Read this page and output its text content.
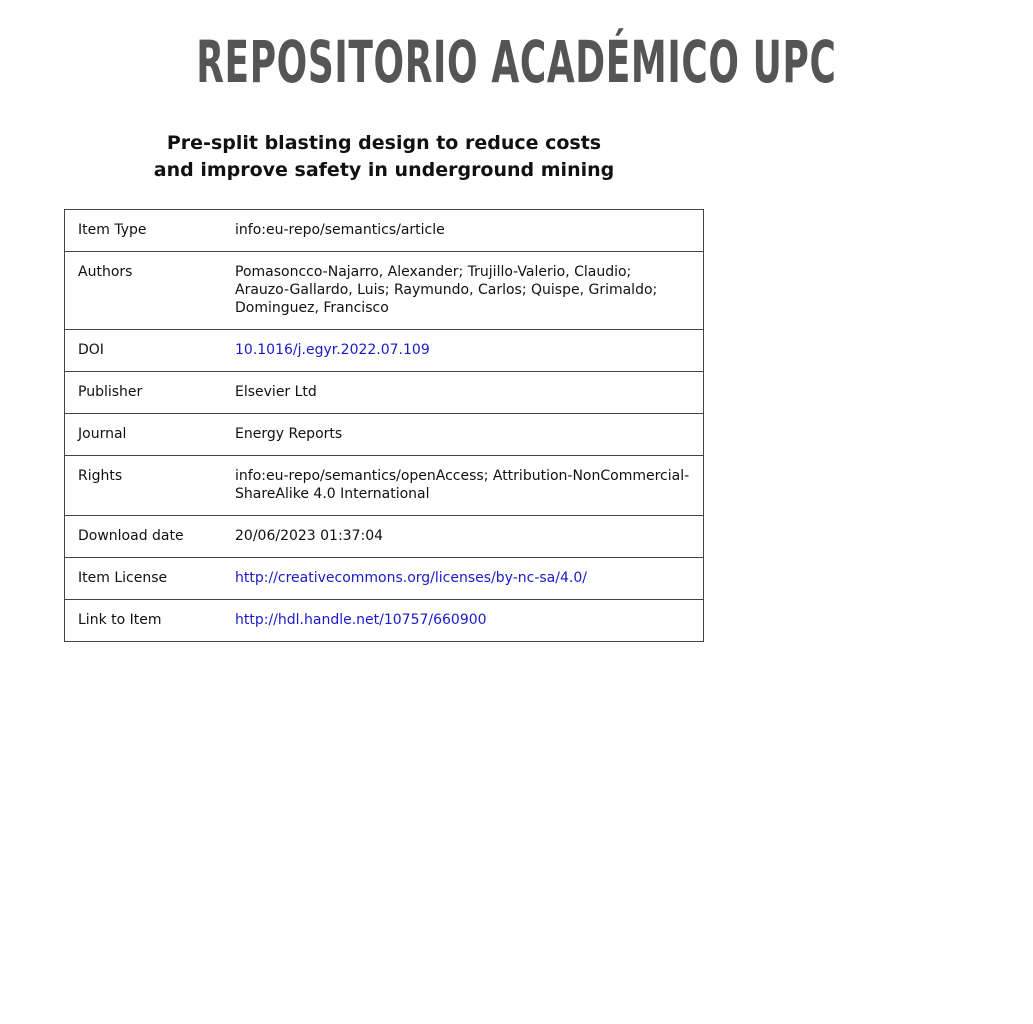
REPOSITORIO ACADÉMICO UPC
Pre-split blasting design to reduce costs
and improve safety in underground mining
Item Type	info:eu-repo/semantics/article
Authors	Pomasoncco-Najarro, Alexander; Trujillo-Valerio, Claudio; Arauzo-Gallardo, Luis; Raymundo, Carlos; Quispe, Grimaldo; Dominguez, Francisco
DOI	10.1016/j.egyr.2022.07.109
Publisher	Elsevier Ltd
Journal	Energy Reports
Rights	info:eu-repo/semantics/openAccess; Attribution-NonCommercial-ShareAlike 4.0 International
Download date	20/06/2023 01:37:04
Item License	http://creativecommons.org/licenses/by-nc-sa/4.0/
Link to Item	http://hdl.handle.net/10757/660900
